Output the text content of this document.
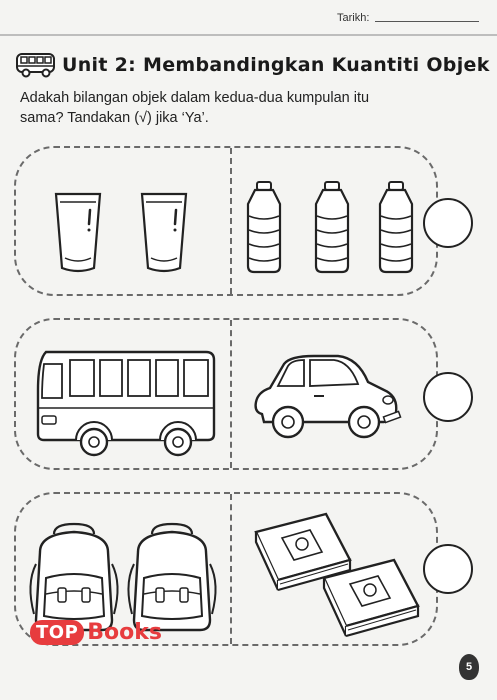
Tarikh:
Unit 2: Membandingkan Kuantiti Objek
Adakah bilangan objek dalam kedua-dua kumpulan itu
sama? Tandakan (√) jika ‘Ya’.
TOP Books
5
